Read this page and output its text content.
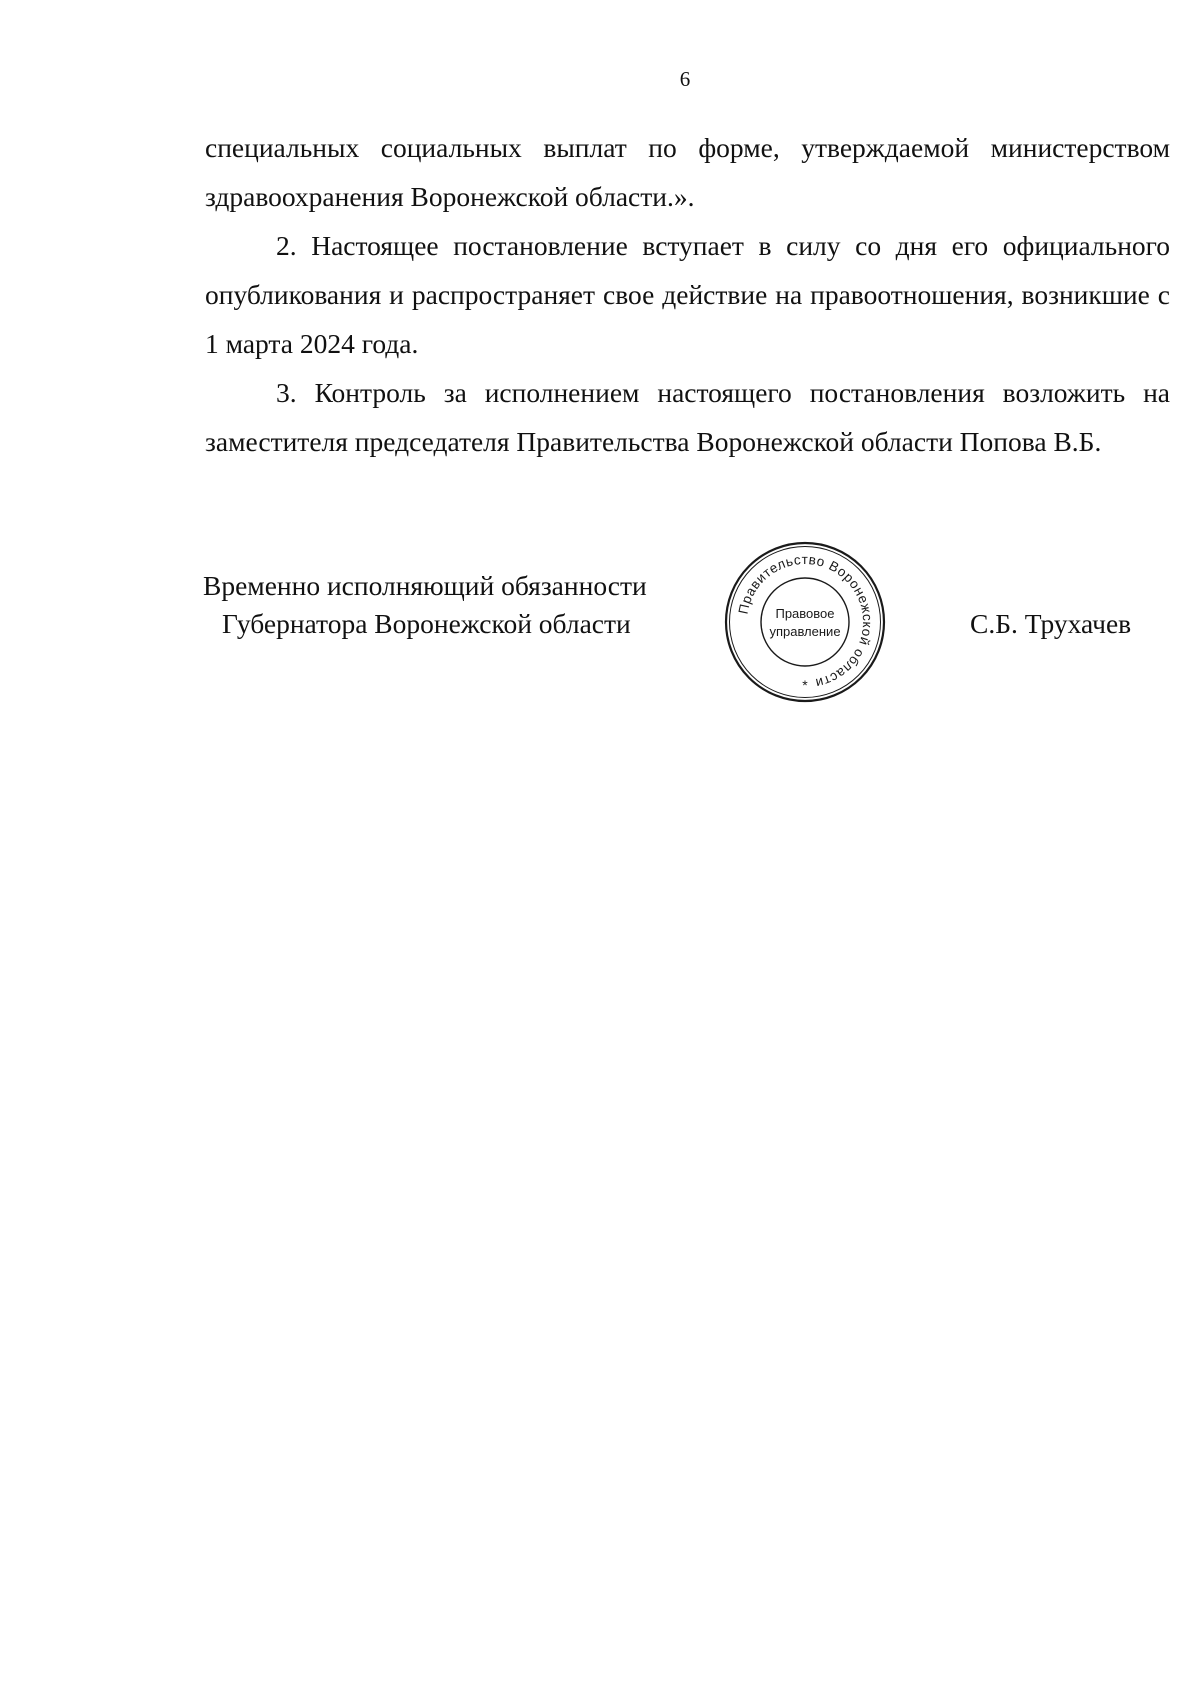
6

специальных социальных выплат по форме, утверждаемой министерством здравоохранения Воронежской области.».

2. Настоящее постановление вступает в силу со дня его официального опубликования и распространяет свое действие на правоотношения, возникшие с 1 марта 2024 года.

3. Контроль за исполнением настоящего постановления возложить на заместителя председателя Правительства Воронежской области Попова В.Б.

Временно исполняющий обязанности
Губернатора Воронежской области	Правительство Воронежской области
Правовое
управление
*
С.Б. Трухачев
